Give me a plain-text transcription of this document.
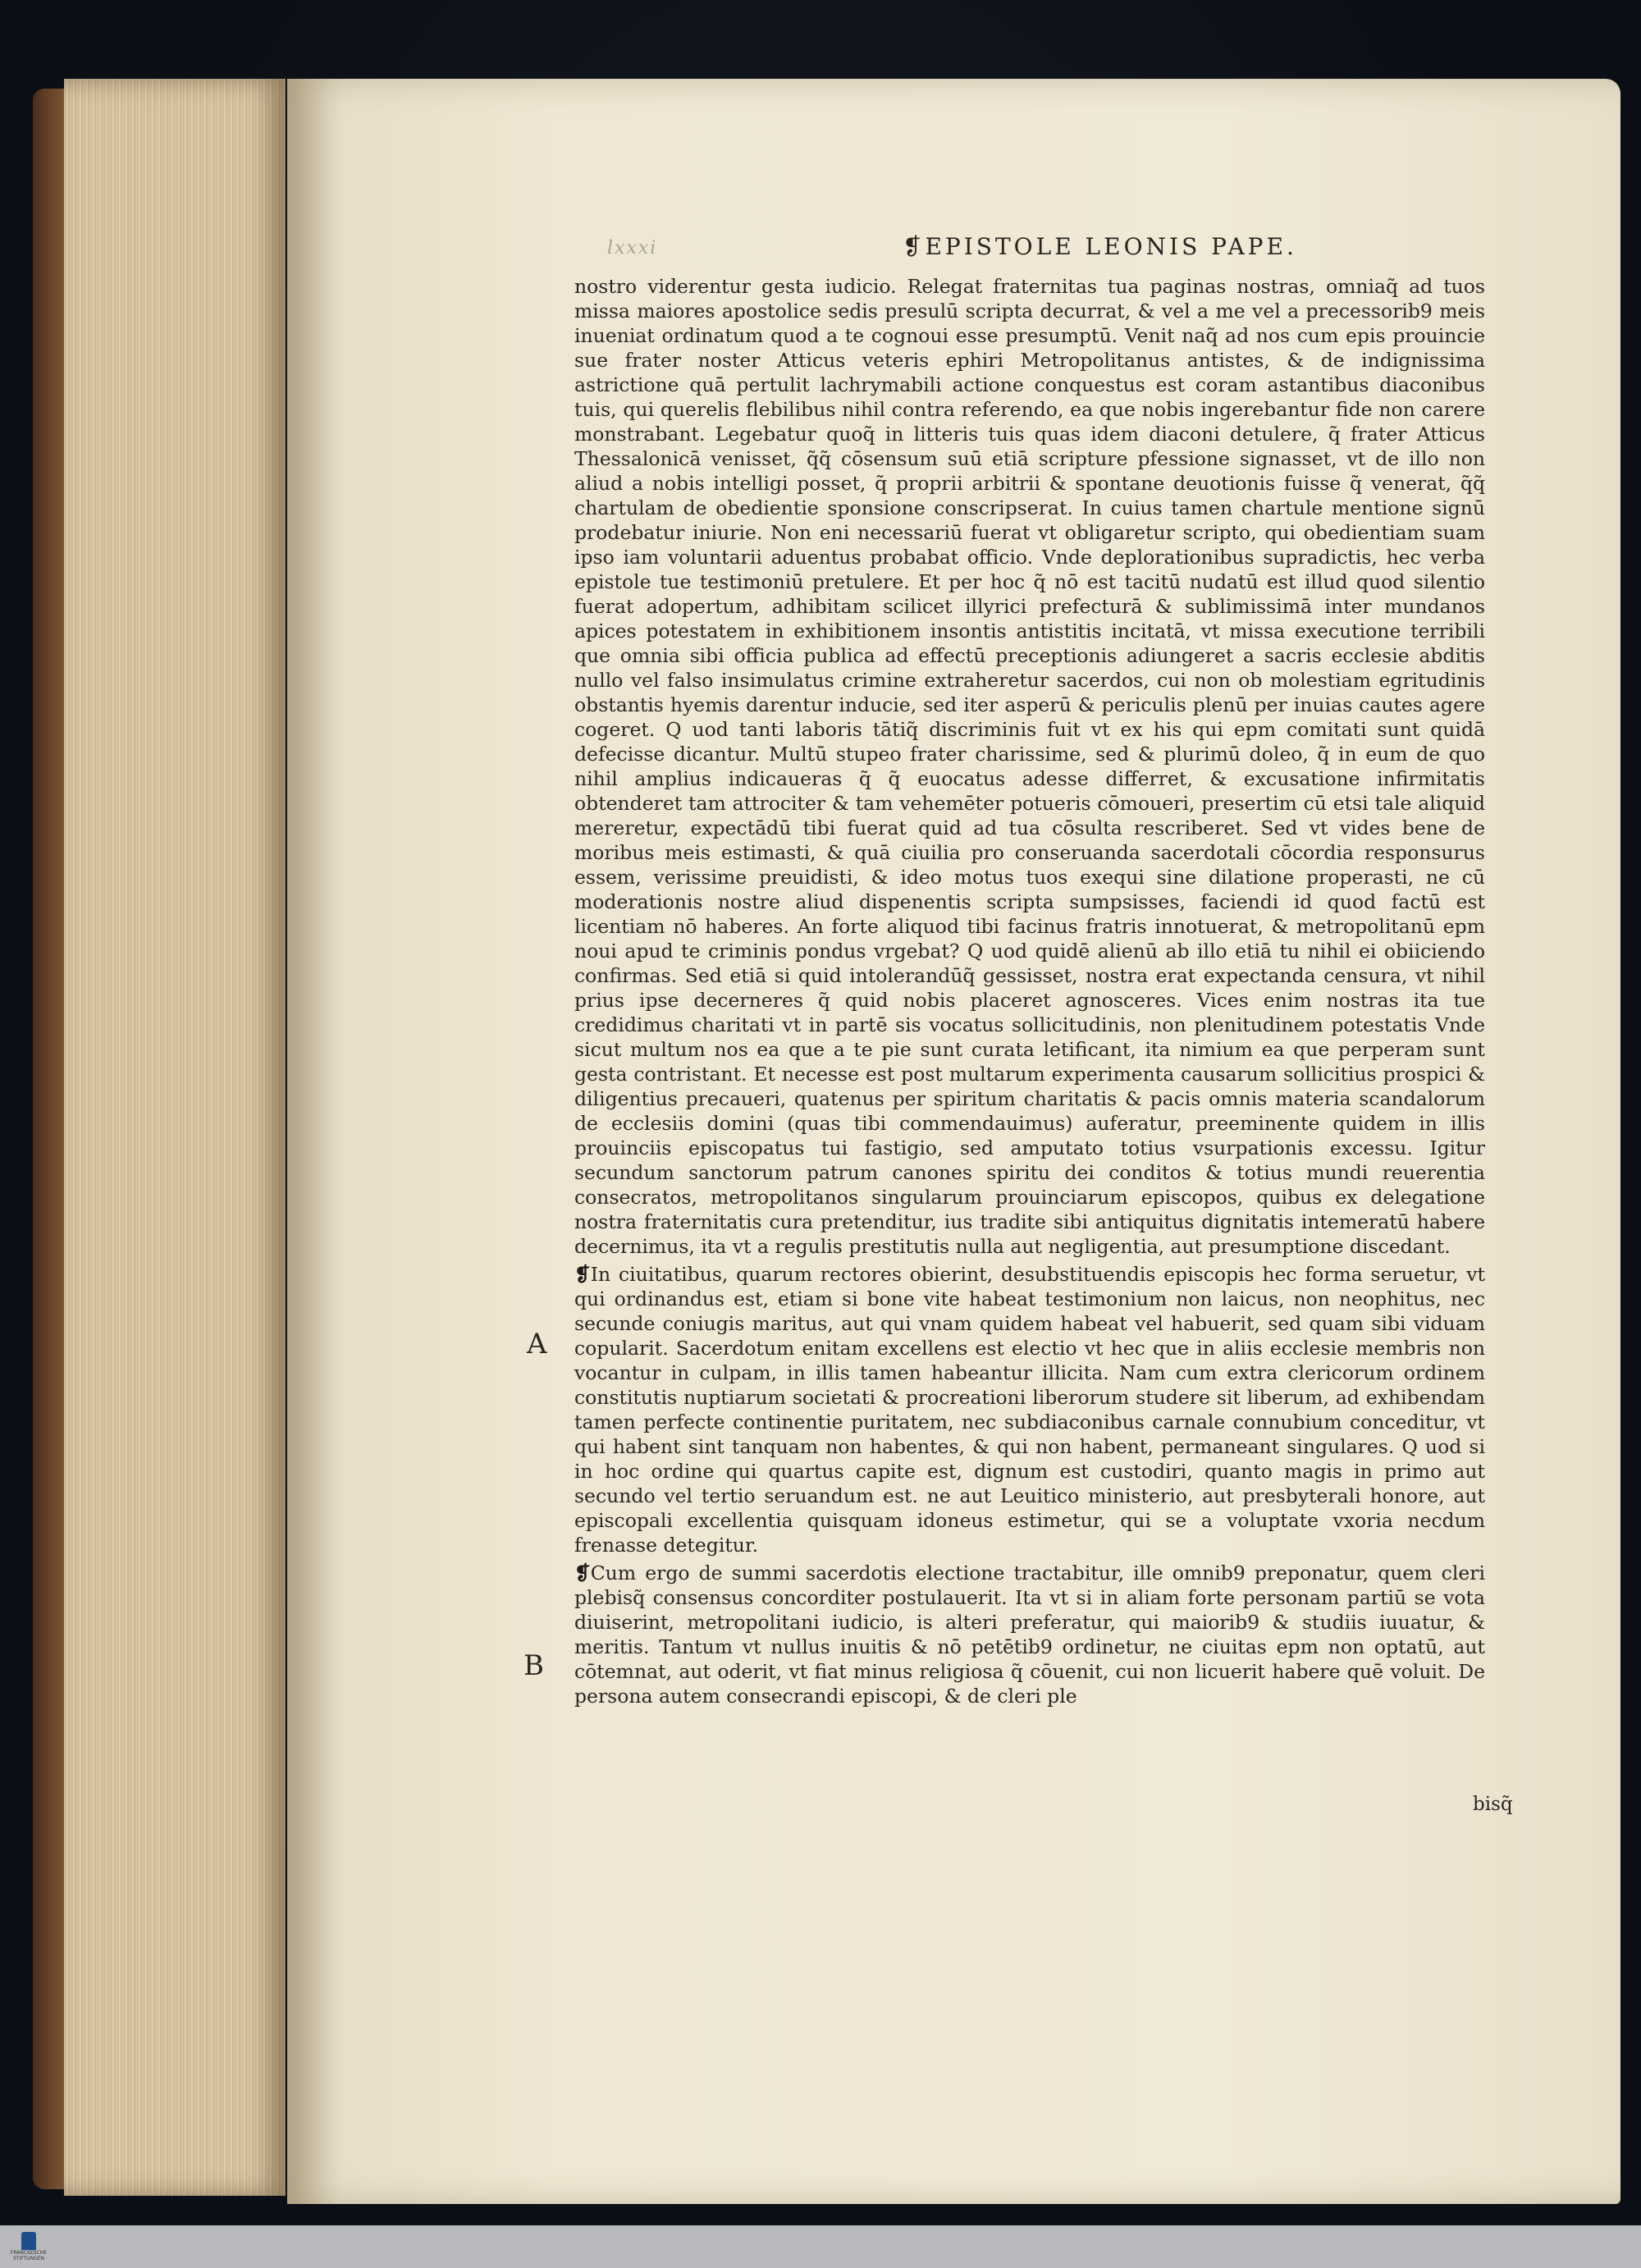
lxxxi	❡EPISTOLE LEONIS PAPE.

nostro viderentur gesta iudicio. Relegat fraternitas tua paginas nostras, omniaq̃ ad tuos missa maiores apostolice sedis presulū scripta decurrat, & vel a me vel a precessorib9 meis inueniat ordinatum quod a te cognoui esse presumptū. Venit naq̃ ad nos cum epis prouincie sue frater noster Atticus veteris ephiri Metropolitanus antistes, & de indignissima astrictione quā pertulit lachrymabili actione conquestus est coram astantibus diaconibus tuis, qui querelis flebilibus nihil contra referendo, ea que nobis ingerebantur fide non carere monstrabant. Legebatur quoq̃ in litteris tuis quas idem diaconi detulere, q̃ frater Atticus Thessalonicā venisset, q̃q̃ cōsensum suū etiā scripture pfessione signasset, vt de illo non aliud a nobis intelligi posset, q̃ proprii arbitrii & spontane deuotionis fuisse q̃ venerat, q̃q̃ chartulam de obedientie sponsione conscripserat. In cuius tamen chartule mentione signū prodebatur iniurie. Non eni necessariū fuerat vt obligaretur scripto, qui obedientiam suam ipso iam voluntarii aduentus probabat officio. Vnde deplorationibus supradictis, hec verba epistole tue testimoniū pretulere. Et per hoc q̃ nō est tacitū nudatū est illud quod silentio fuerat adopertum, adhibitam scilicet illyrici prefecturā & sublimissimā inter mundanos apices potestatem in exhibitionem insontis antistitis incitatā, vt missa executione terribili que omnia sibi officia publica ad effectū preceptionis adiungeret a sacris ecclesie abditis nullo vel falso insimulatus crimine extraheretur sacerdos, cui non ob molestiam egritudinis obstantis hyemis darentur inducie, sed iter asperū & periculis plenū per inuias cautes agere cogeret. Q uod tanti laboris tātiq̃ discriminis fuit vt ex his qui epm comitati sunt quidā defecisse dicantur. Multū stupeo frater charissime, sed & plurimū doleo, q̃ in eum de quo nihil amplius indicaueras q̃ q̃ euocatus adesse differret, & excusatione infirmitatis obtenderet tam attrociter & tam vehemēter potueris cōmoueri, presertim cū etsi tale aliquid mereretur, expectādū tibi fuerat quid ad tua cōsulta rescriberet. Sed vt vides bene de moribus meis estimasti, & quā ciuilia pro conseruanda sacerdotali cōcordia responsurus essem, verissime preuidisti, & ideo motus tuos exequi sine dilatione properasti, ne cū moderationis nostre aliud dispenentis scripta sumpsisses, faciendi id quod factū est licentiam nō haberes. An forte aliquod tibi facinus fratris innotuerat, & metropolitanū epm noui apud te criminis pondus vrgebat? Q uod quidē alienū ab illo etiā tu nihil ei obiiciendo confirmas. Sed etiā si quid intolerandūq̃ gessisset, nostra erat expectanda censura, vt nihil prius ipse decerneres q̃ quid nobis placeret agnosceres. Vices enim nostras ita tue credidimus charitati vt in partē sis vocatus sollicitudinis, non plenitudinem potestatis Vnde sicut multum nos ea que a te pie sunt curata letificant, ita nimium ea que perperam sunt gesta contristant. Et necesse est post multarum experimenta causarum sollicitius prospici & diligentius precaueri, quatenus per spiritum charitatis & pacis omnis materia scandalorum de ecclesiis domini (quas tibi commendauimus) auferatur, preeminente quidem in illis prouinciis episcopatus tui fastigio, sed amputato totius vsurpationis excessu. Igitur secundum sanctorum patrum canones spiritu dei conditos & totius mundi reuerentia consecratos, metropolitanos singularum prouinciarum episcopos, quibus ex delegatione nostra fraternitatis cura pretenditur, ius tradite sibi antiquitus dignitatis intemeratū habere decernimus, ita vt a regulis prestitutis nulla aut negligentia, aut presumptione discedant.

❡In ciuitatibus, quarum rectores obierint, desubstituendis episcopis hec forma seruetur, vt qui ordinandus est, etiam si bone vite habeat testimonium non laicus, non neophitus, nec secunde coniugis maritus, aut qui vnam quidem habeat vel habuerit, sed quam sibi viduam copularit. Sacerdotum enitam excellens est electio vt hec que in aliis ecclesie membris non vocantur in culpam, in illis tamen habeantur illicita. Nam cum extra clericorum ordinem constitutis nuptiarum societati & procreationi liberorum studere sit liberum, ad exhibendam tamen perfecte continentie puritatem, nec subdiaconibus carnale connubium conceditur, vt qui habent sint tanquam non habentes, & qui non habent, permaneant singulares. Q uod si in hoc ordine qui quartus capite est, dignum est custodiri, quanto magis in primo aut secundo vel tertio seruandum est. ne aut Leuitico ministerio, aut presbyterali honore, aut episcopali excellentia quisquam idoneus estimetur, qui se a voluptate vxoria necdum frenasse detegitur.

❡Cum ergo de summi sacerdotis electione tractabitur, ille omnib9 preponatur, quem cleri plebisq̃ consensus concorditer postulauerit. Ita vt si in aliam forte personam partiū se vota diuiserint, metropolitani iudicio, is alteri preferatur, qui maiorib9 & studiis iuuatur, & meritis. Tantum vt nullus inuitis & nō petētib9 ordinetur, ne ciuitas epm non optatū, aut cōtemnat, aut oderit, vt fiat minus religiosa q̃ cōuenit, cui non licuerit habere quē voluit. De persona autem consecrandi episcopi, & de cleri ple

A
B
bisq̃
FRANCKESCHE STIFTUNGEN
